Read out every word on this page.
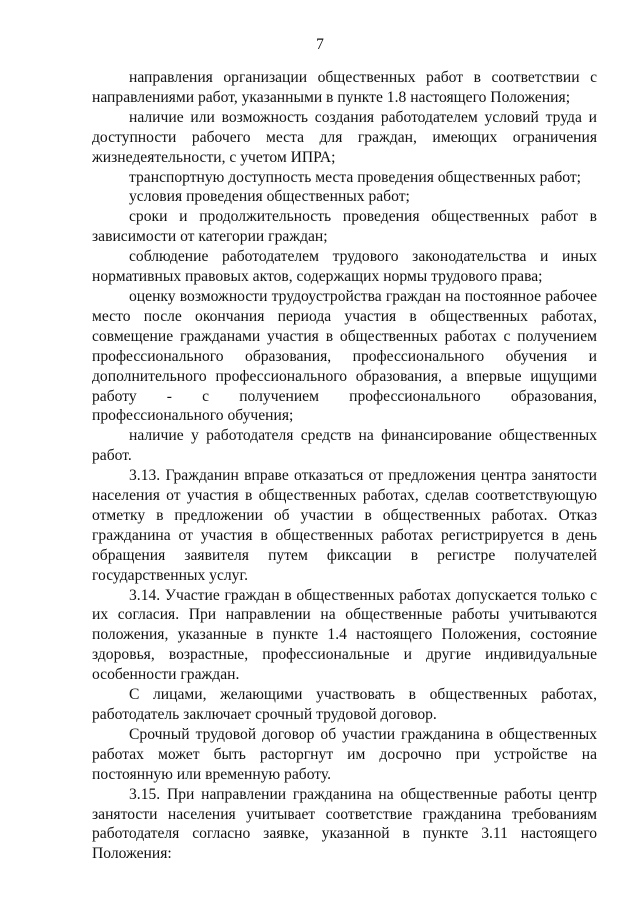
7

направления организации общественных работ в соответствии с направлениями работ, указанными в пункте 1.8 настоящего Положения;

наличие или возможность создания работодателем условий труда и доступности рабочего места для граждан, имеющих ограничения жизнедеятельности, с учетом ИПРА;

транспортную доступность места проведения общественных работ;

условия проведения общественных работ;

сроки и продолжительность проведения общественных работ в зависимости от категории граждан;

соблюдение работодателем трудового законодательства и иных нормативных правовых актов, содержащих нормы трудового права;

оценку возможности трудоустройства граждан на постоянное рабочее место после окончания периода участия в общественных работах, совмещение гражданами участия в общественных работах с получением профессионального образования, профессионального обучения и дополнительного профессионального образования, а впервые ищущими работу - с получением профессионального образования, профессионального обучения;

наличие у работодателя средств на финансирование общественных работ.

3.13. Гражданин вправе отказаться от предложения центра занятости населения от участия в общественных работах, сделав соответствующую отметку в предложении об участии в общественных работах. Отказ гражданина от участия в общественных работах регистрируется в день обращения заявителя путем фиксации в регистре получателей государственных услуг.

3.14. Участие граждан в общественных работах допускается только с их согласия. При направлении на общественные работы учитываются положения, указанные в пункте 1.4 настоящего Положения, состояние здоровья, возрастные, профессиональные и другие индивидуальные особенности граждан.

С лицами, желающими участвовать в общественных работах, работодатель заключает срочный трудовой договор.

Срочный трудовой договор об участии гражданина в общественных работах может быть расторгнут им досрочно при устройстве на постоянную или временную работу.

3.15. При направлении гражданина на общественные работы центр занятости населения учитывает соответствие гражданина требованиям работодателя согласно заявке, указанной в пункте 3.11 настоящего Положения:
